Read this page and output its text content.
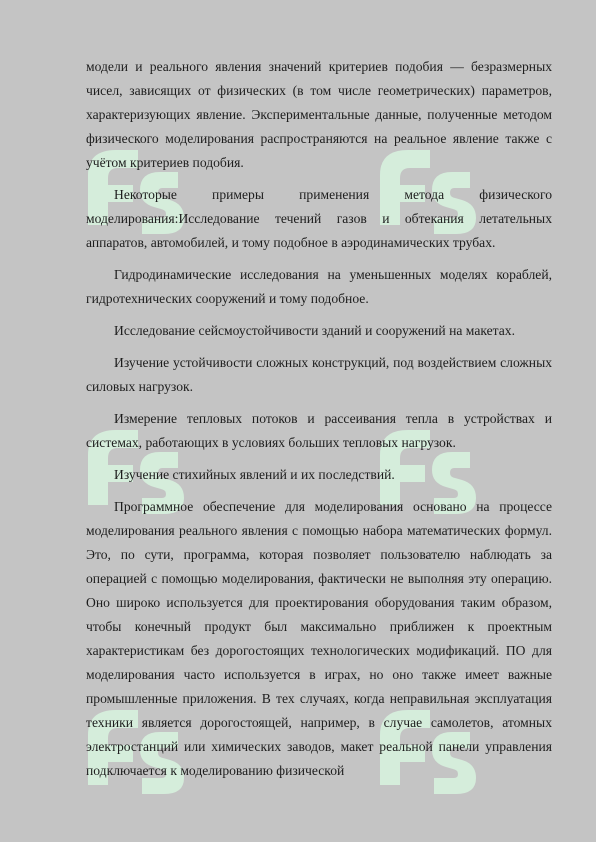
модели и реального явления значений критериев подобия — безразмерных чисел, зависящих от физических (в том числе геометрических) параметров, характеризующих явление. Экспериментальные данные, полученные методом физического моделирования распространяются на реальное явление также с учётом критериев подобия.

Некоторые примеры применения метода физического моделирования:Исследование течений газов и обтекания летательных аппаратов, автомобилей, и тому подобное в аэродинамических трубах.

Гидродинамические исследования на уменьшенных моделях кораблей, гидротехнических сооружений и тому подобное.

Исследование сейсмоустойчивости зданий и сооружений на макетах.

Изучение устойчивости сложных конструкций, под воздействием сложных силовых нагрузок.

Измерение тепловых потоков и рассеивания тепла в устройствах и системах, работающих в условиях больших тепловых нагрузок.

Изучение стихийных явлений и их последствий.

Программное обеспечение для моделирования основано на процессе моделирования реального явления с помощью набора математических формул. Это, по сути, программа, которая позволяет пользователю наблюдать за операцией с помощью моделирования, фактически не выполняя эту операцию. Оно широко используется для проектирования оборудования таким образом, чтобы конечный продукт был максимально приближен к проектным характеристикам без дорогостоящих технологических модификаций. ПО для моделирования часто используется в играх, но оно также имеет важные промышленные приложения. В тех случаях, когда неправильная эксплуатация техники является дорогостоящей, например, в случае самолетов, атомных электростанций или химических заводов, макет реальной панели управления подключается к моделированию физической
